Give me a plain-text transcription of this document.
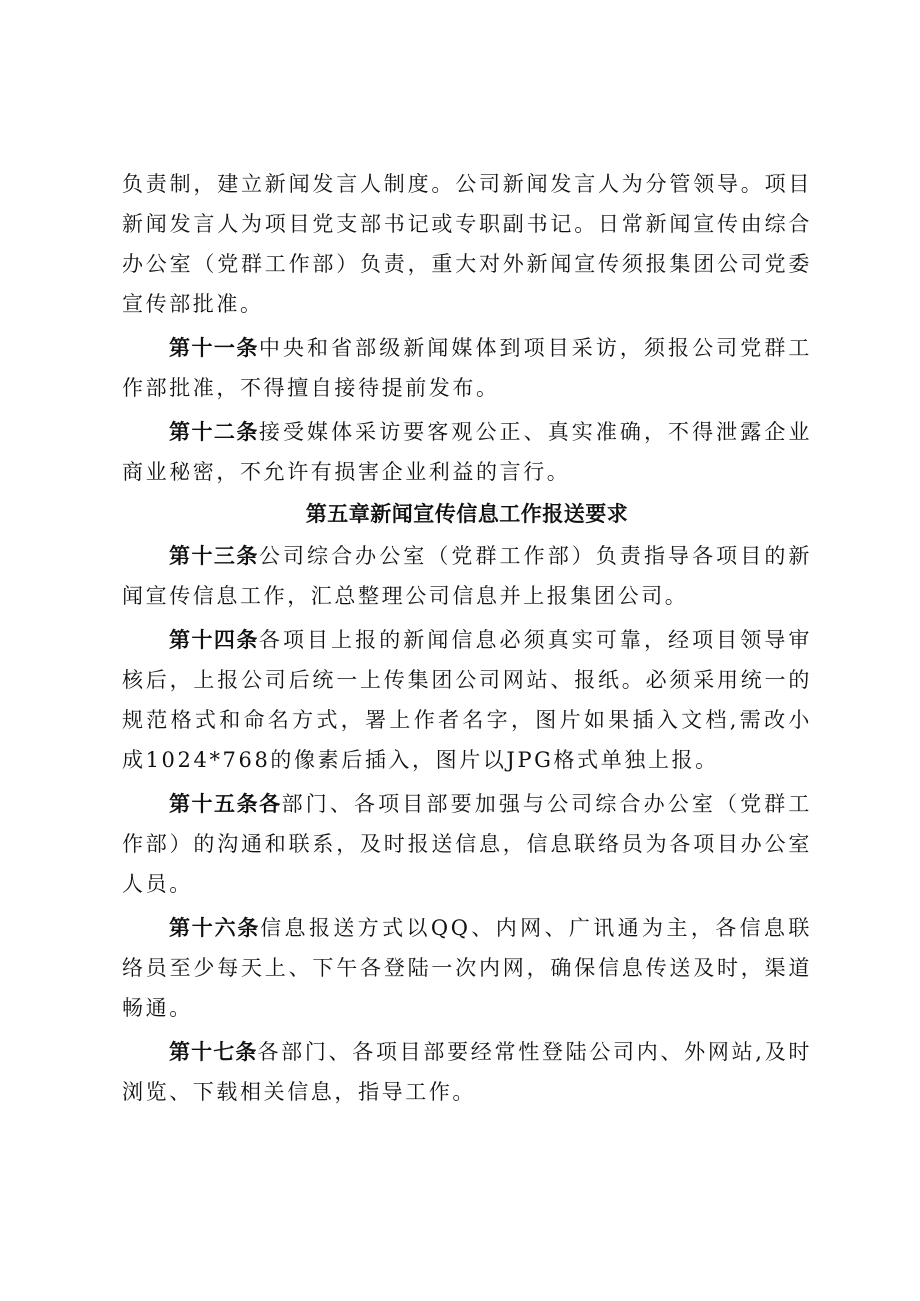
负责制，建立新闻发言人制度。公司新闻发言人为分管领导。项目新闻发言人为项目党支部书记或专职副书记。日常新闻宣传由综合办公室（党群工作部）负责，重大对外新闻宣传须报集团公司党委宣传部批准。

第十一条中央和省部级新闻媒体到项目采访，须报公司党群工作部批准，不得擅自接待提前发布。

第十二条接受媒体采访要客观公正、真实准确，不得泄露企业商业秘密，不允许有损害企业利益的言行。

第五章新闻宣传信息工作报送要求

第十三条公司综合办公室（党群工作部）负责指导各项目的新闻宣传信息工作，汇总整理公司信息并上报集团公司。

第十四条各项目上报的新闻信息必须真实可靠，经项目领导审核后，上报公司后统一上传集团公司网站、报纸。必须采用统一的规范格式和命名方式，署上作者名字，图片如果插入文档,需改小成1024*768的像素后插入，图片以JPG格式单独上报。

第十五条各部门、各项目部要加强与公司综合办公室（党群工作部）的沟通和联系，及时报送信息，信息联络员为各项目办公室人员。

第十六条信息报送方式以QQ、内网、广讯通为主，各信息联络员至少每天上、下午各登陆一次内网，确保信息传送及时，渠道畅通。

第十七条各部门、各项目部要经常性登陆公司内、外网站,及时浏览、下载相关信息，指导工作。
